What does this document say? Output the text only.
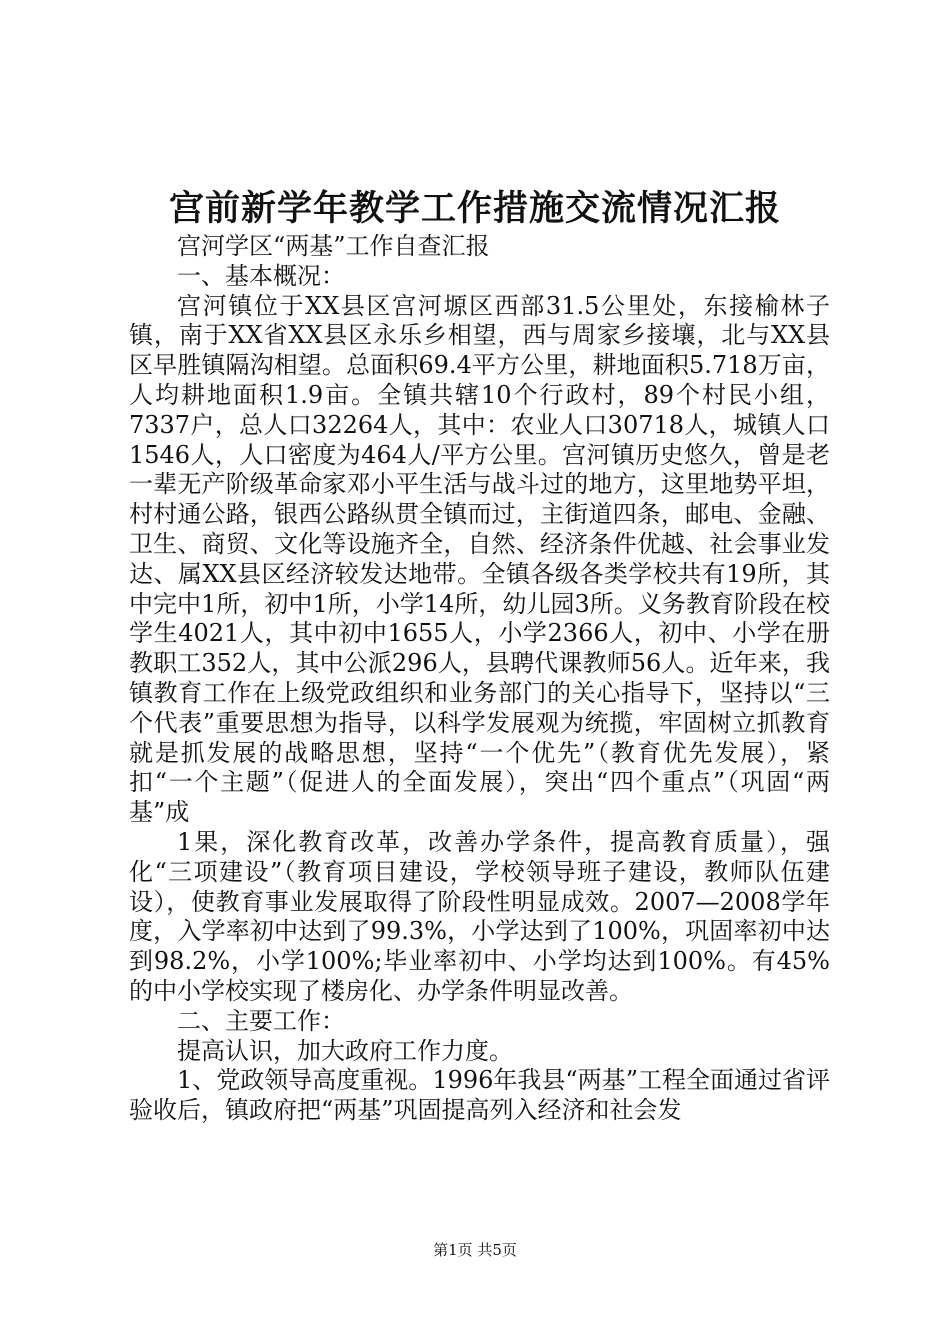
宫前新学年教学工作措施交流情况汇报

宫河学区“两基”工作自查汇报

一、基本概况：

宫河镇位于XX县区宫河塬区西部31.5公里处，东接榆林子镇，南于XX省XX县区永乐乡相望，西与周家乡接壤，北与XX县区早胜镇隔沟相望。总面积69.4平方公里，耕地面积5.718万亩，人均耕地面积1.9亩。全镇共辖10个行政村，89个村民小组，7337户，总人口32264人，其中：农业人口30718人，城镇人口1546人，人口密度为464人/平方公里。宫河镇历史悠久，曾是老一辈无产阶级革命家邓小平生活与战斗过的地方，这里地势平坦，村村通公路，银西公路纵贯全镇而过，主街道四条，邮电、金融、卫生、商贸、文化等设施齐全，自然、经济条件优越、社会事业发达、属XX县区经济较发达地带。全镇各级各类学校共有19所，其中完中1所，初中1所，小学14所，幼儿园3所。义务教育阶段在校学生4021人，其中初中1655人，小学2366人，初中、小学在册教职工352人，其中公派296人，县聘代课教师56人。近年来，我镇教育工作在上级党政组织和业务部门的关心指导下，坚持以“三个代表”重要思想为指导，以科学发展观为统揽，牢固树立抓教育就是抓发展的战略思想，坚持“一个优先”（教育优先发展），紧扣“一个主题”（促进人的全面发展），突出“四个重点”（巩固“两基”成

1果，深化教育改革，改善办学条件，提高教育质量），强化“三项建设”（教育项目建设，学校领导班子建设，教师队伍建设），使教育事业发展取得了阶段性明显成效。2007—2008学年度，入学率初中达到了99.3%，小学达到了100%，巩固率初中达到98.2%，小学100%;毕业率初中、小学均达到100%。有45%的中小学校实现了楼房化、办学条件明显改善。

二、主要工作：

提高认识，加大政府工作力度。

1、党政领导高度重视。1996年我县“两基”工程全面通过省评验收后，镇政府把“两基”巩固提高列入经济和社会发

第1页 共5页
